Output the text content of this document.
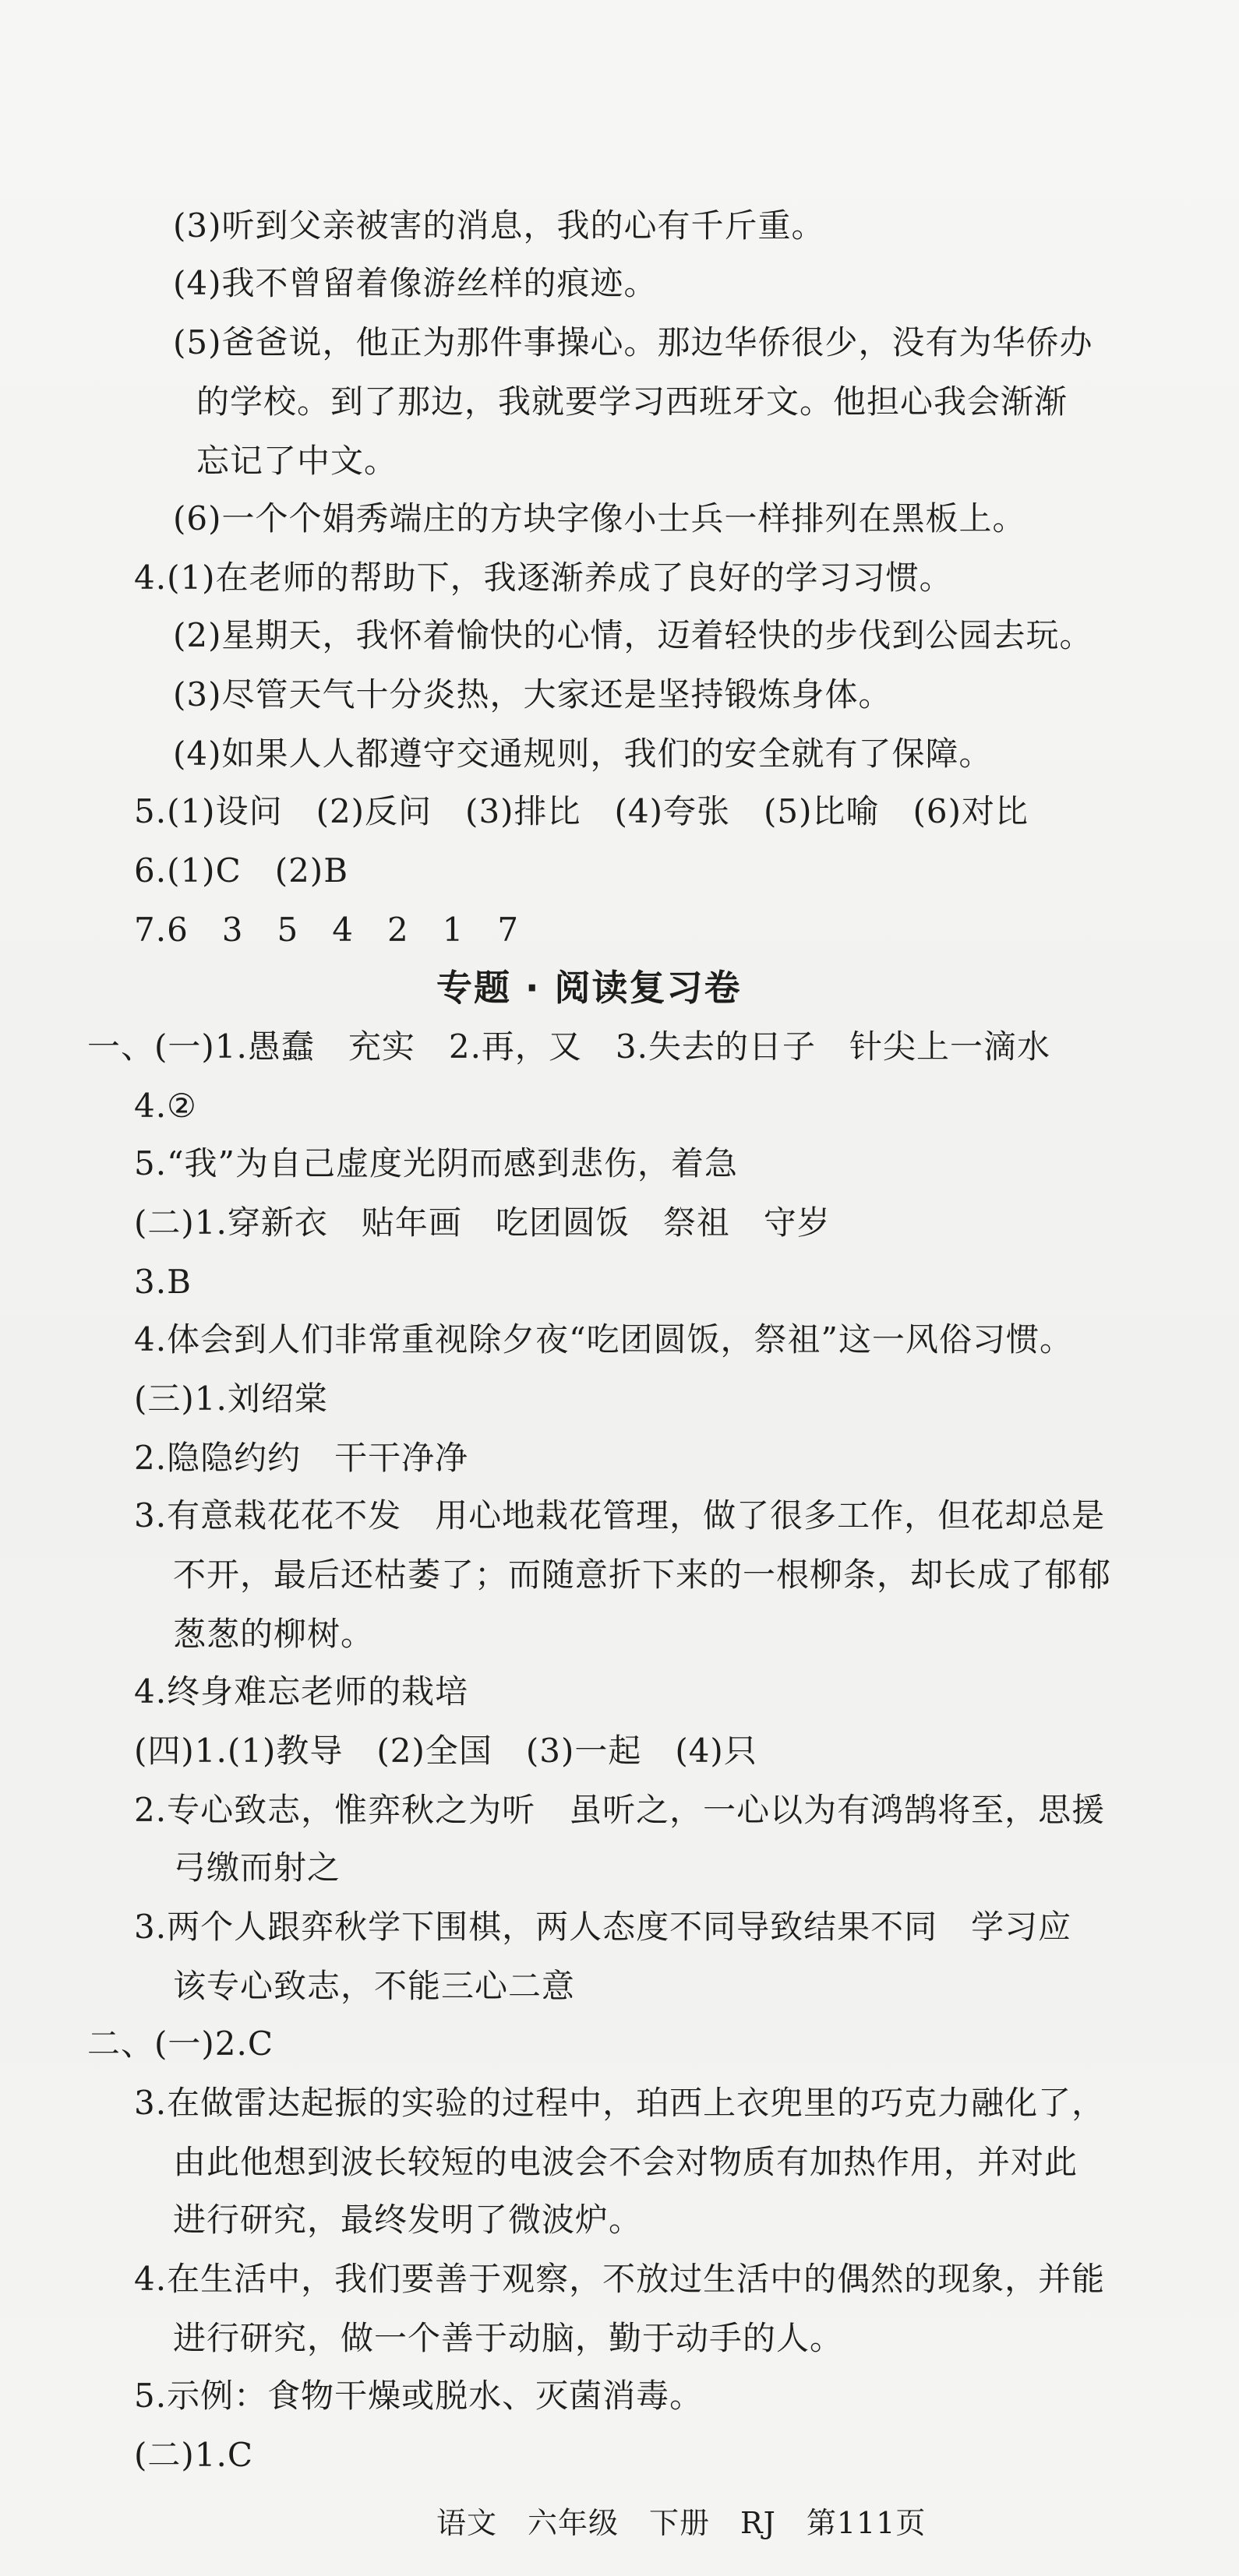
(3)听到父亲被害的消息，我的心有千斤重。
(4)我不曾留着像游丝样的痕迹。
(5)爸爸说，他正为那件事操心。那边华侨很少，没有为华侨办
的学校。到了那边，我就要学习西班牙文。他担心我会渐渐
忘记了中文。
(6)一个个娟秀端庄的方块字像小士兵一样排列在黑板上。
4.(1)在老师的帮助下，我逐渐养成了良好的学习习惯。
(2)星期天，我怀着愉快的心情，迈着轻快的步伐到公园去玩。
(3)尽管天气十分炎热，大家还是坚持锻炼身体。
(4)如果人人都遵守交通规则，我们的安全就有了保障。
5.(1)设问　(2)反问　(3)排比　(4)夸张　(5)比喻　(6)对比
6.(1)C　(2)B
7.6　3　5　4　2　1　7
专题 · 阅读复习卷
一、(一)1.愚蠢　充实　2.再，又　3.失去的日子　针尖上一滴水
4.②
5.“我”为自己虚度光阴而感到悲伤，着急
(二)1.穿新衣　贴年画　吃团圆饭　祭祖　守岁
3.B
4.体会到人们非常重视除夕夜“吃团圆饭，祭祖”这一风俗习惯。
(三)1.刘绍棠
2.隐隐约约　干干净净
3.有意栽花花不发　用心地栽花管理，做了很多工作，但花却总是
不开，最后还枯萎了；而随意折下来的一根柳条，却长成了郁郁
葱葱的柳树。
4.终身难忘老师的栽培
(四)1.(1)教导　(2)全国　(3)一起　(4)只
2.专心致志，惟弈秋之为听　虽听之，一心以为有鸿鹄将至，思援
弓缴而射之
3.两个人跟弈秋学下围棋，两人态度不同导致结果不同　学习应
该专心致志，不能三心二意
二、(一)2.C
3.在做雷达起振的实验的过程中，珀西上衣兜里的巧克力融化了，
由此他想到波长较短的电波会不会对物质有加热作用，并对此
进行研究，最终发明了微波炉。
4.在生活中，我们要善于观察，不放过生活中的偶然的现象，并能
进行研究，做一个善于动脑，勤于动手的人。
5.示例：食物干燥或脱水、灭菌消毒。
(二)1.C
语文　六年级　下册　RJ　第111页
